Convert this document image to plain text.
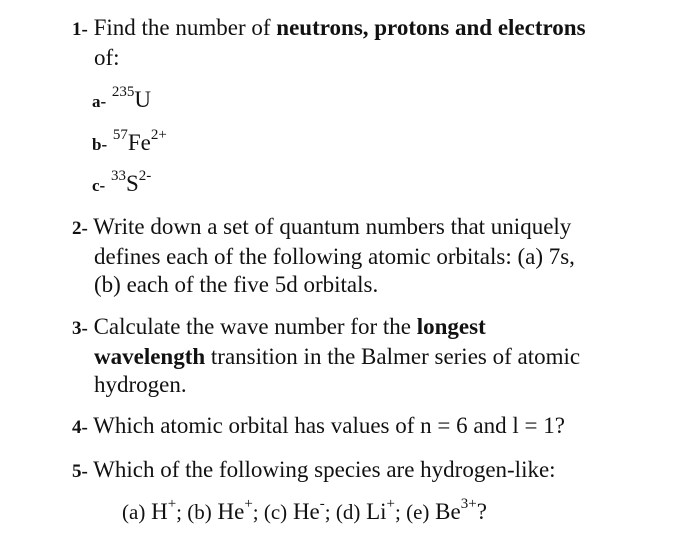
1- Find the number of neutrons, protons and electrons
of:
a- $^{235}$U
b- $^{57}Fe^{2+}$
c- $^{33}S^{2-}$
2- Write down a set of quantum numbers that uniquely
defines each of the following atomic orbitals: (a) 7s,
(b) each of the five 5d orbitals.
3- Calculate the wave number for the longest
wavelength transition in the Balmer series of atomic
hydrogen.
4- Which atomic orbital has values of n = 6 and l = 1?
5- Which of the following species are hydrogen-like:
(a) H+; (b) He+; (c) He-; (d) Li+; (e) $Be^{3+}$?
